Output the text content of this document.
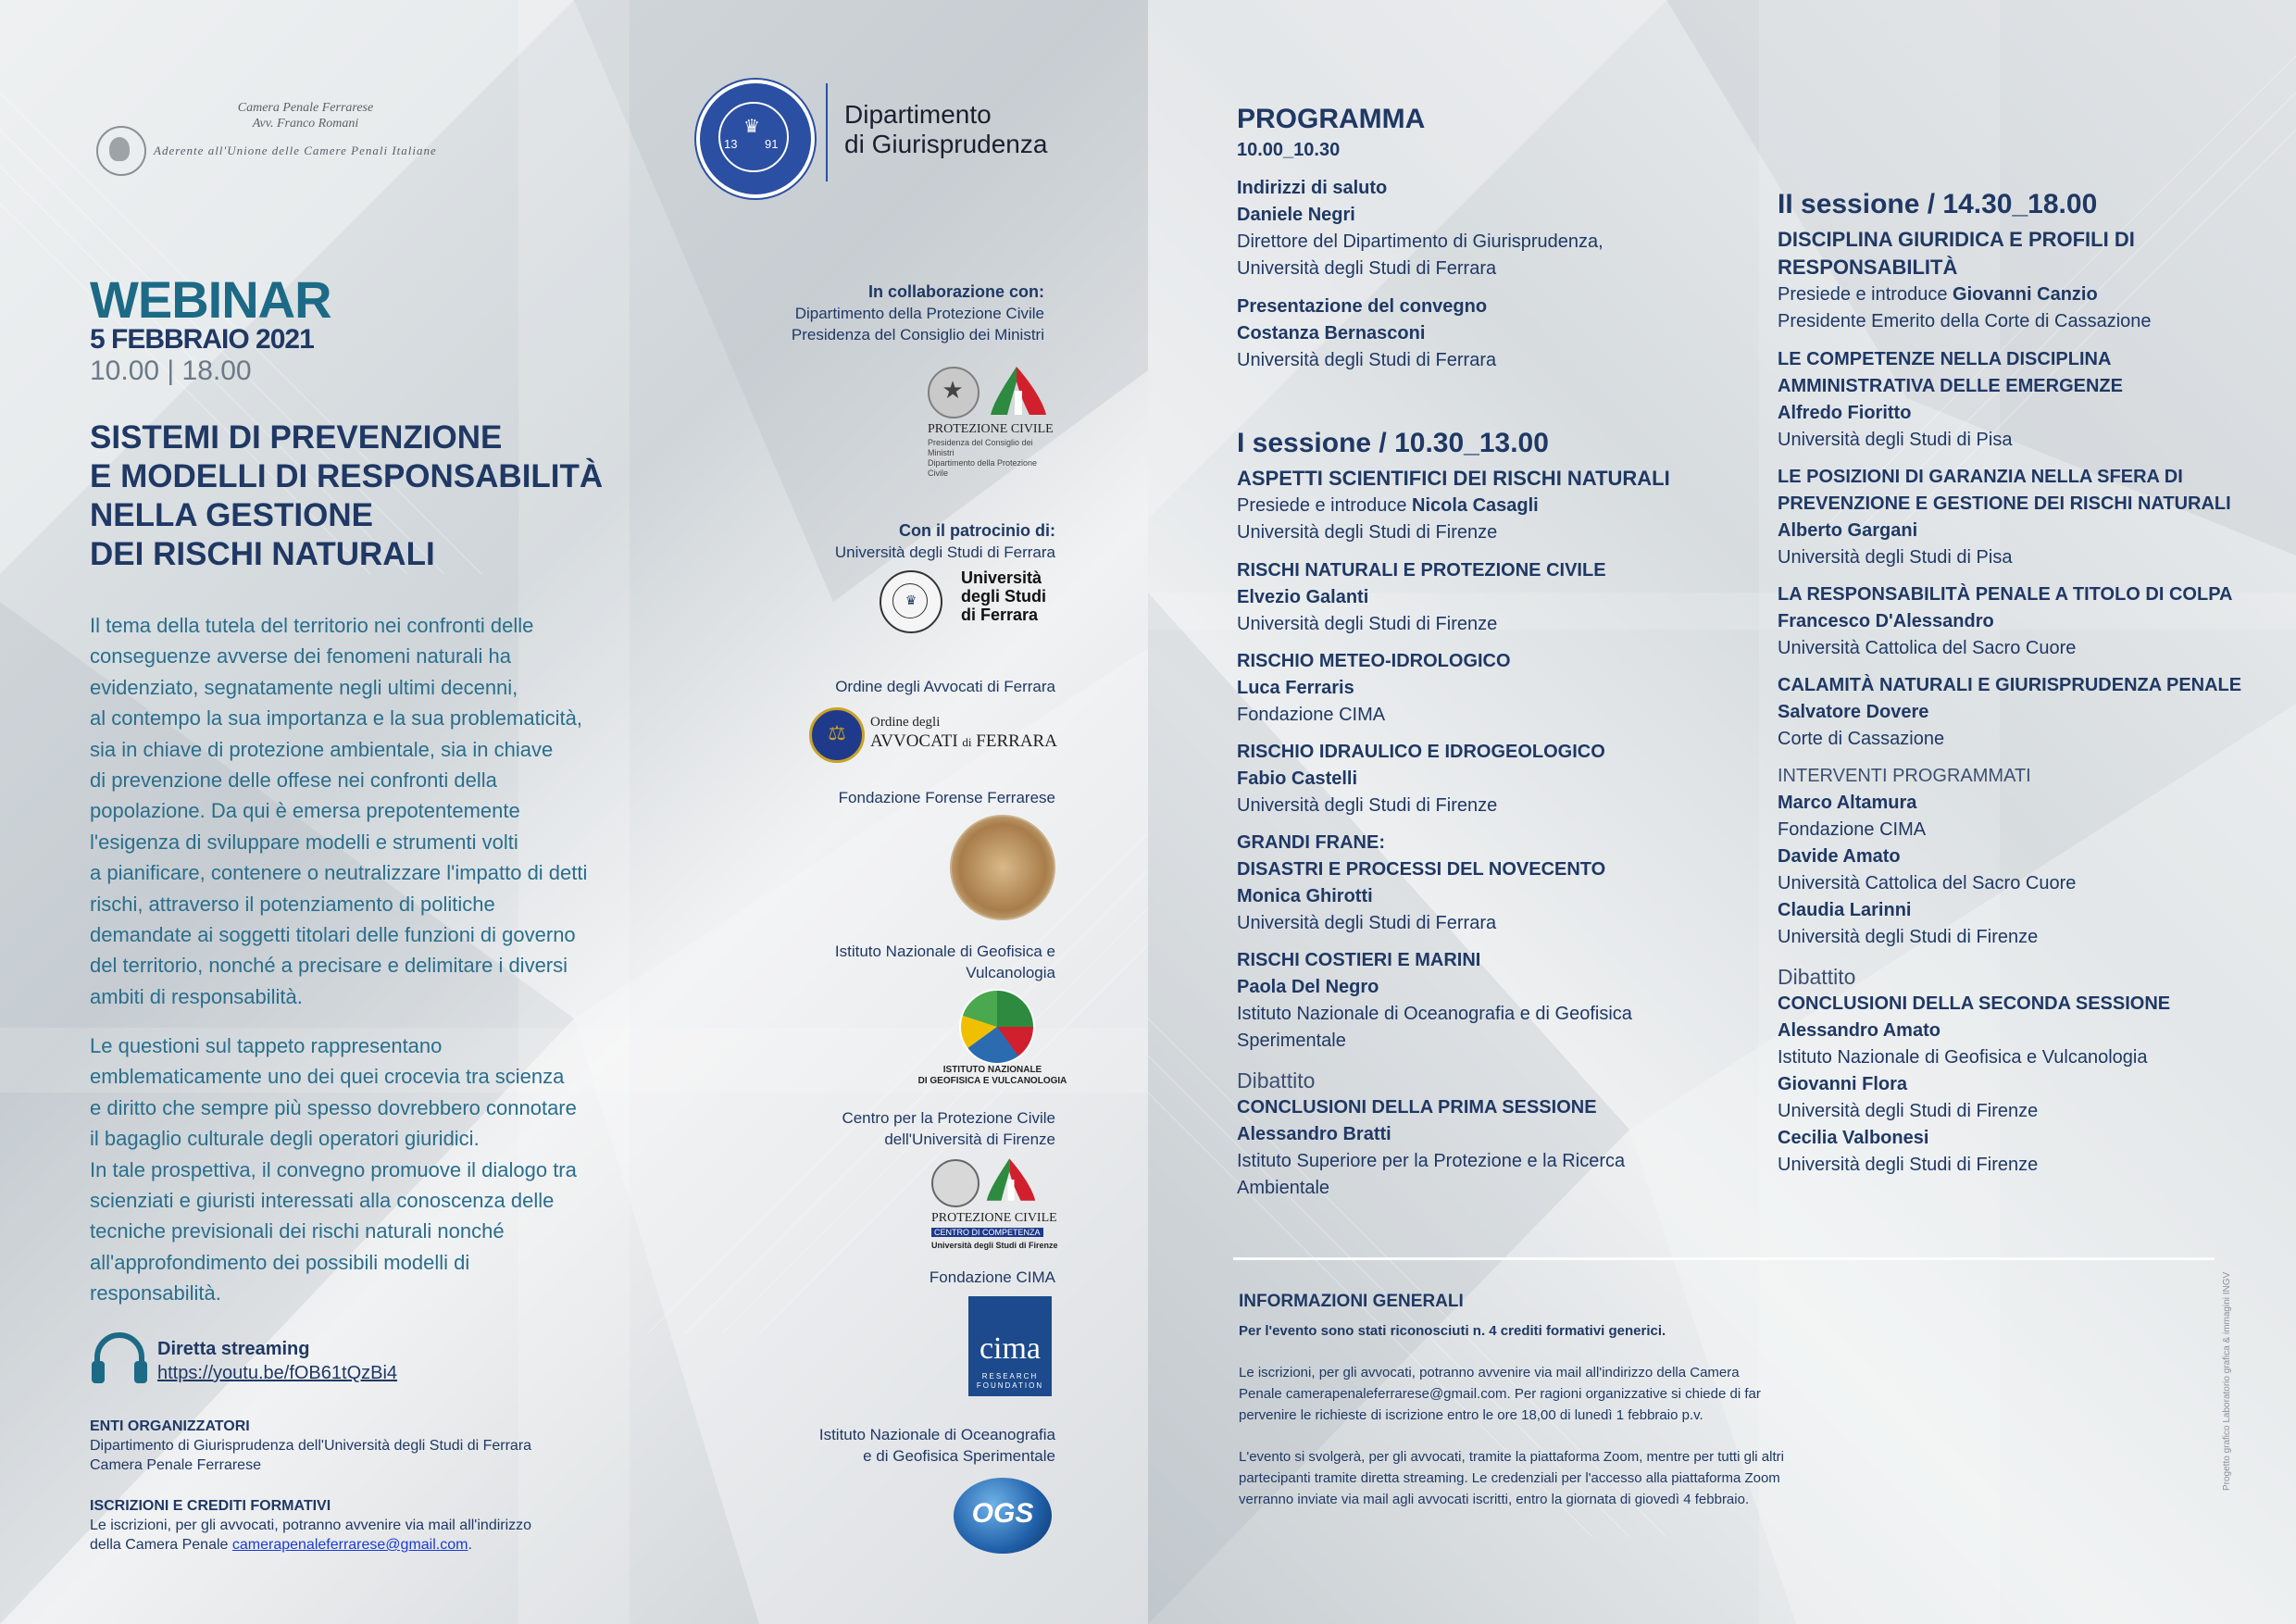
Camera Penale Ferrarese
Avv. Franco Romani
Aderente all'Unione delle Camere Penali Italiane
♛
13 91
Dipartimento
di Giurisprudenza
WEBINAR
5 FEBBRAIO 2021
10.00 | 18.00
SISTEMI DI PREVENZIONE
E MODELLI DI RESPONSABILITÀ
NELLA GESTIONE
DEI RISCHI NATURALI
Il tema della tutela del territorio nei confronti delle
conseguenze avverse dei fenomeni naturali ha
evidenziato, segnatamente negli ultimi decenni,
al contempo la sua importanza e la sua problematicità,
sia in chiave di protezione ambientale, sia in chiave
di prevenzione delle offese nei confronti della
popolazione. Da qui è emersa prepotentemente
l'esigenza di sviluppare modelli e strumenti volti
a pianificare, contenere o neutralizzare l'impatto di detti
rischi, attraverso il potenziamento di politiche
demandate ai soggetti titolari delle funzioni di governo
del territorio, nonché a precisare e delimitare i diversi
ambiti di responsabilità.
Le questioni sul tappeto rappresentano
emblematicamente uno dei quei crocevia tra scienza
e diritto che sempre più spesso dovrebbero connotare
il bagaglio culturale degli operatori giuridici.
In tale prospettiva, il convegno promuove il dialogo tra
scienziati e giuristi interessati alla conoscenza delle
tecniche previsionali dei rischi naturali nonché
all'approfondimento dei possibili modelli di
responsabilità.
Diretta streaming
https://youtu.be/fOB61tQzBi4
ENTI ORGANIZZATORI
Dipartimento di Giurisprudenza dell'Università degli Studi di Ferrara
Camera Penale Ferrarese
ISCRIZIONI E CREDITI FORMATIVI
Le iscrizioni, per gli avvocati, potranno avvenire via mail all'indirizzo
della Camera Penale camerapenaleferrarese@gmail.com.
In collaborazione con:
Dipartimento della Protezione Civile
Presidenza del Consiglio dei Ministri
★
PROTEZIONE CIVILE
Presidenza del Consiglio dei Ministri
Dipartimento della Protezione Civile
Con il patrocinio di:
Università degli Studi di Ferrara
♛
Università
degli Studi
di Ferrara
Ordine degli Avvocati di Ferrara
⚖	Ordine degli
AVVOCATI di FERRARA
Fondazione Forense Ferrarese
Istituto Nazionale di Geofisica e
Vulcanologia
ISTITUTO NAZIONALE
DI GEOFISICA E VULCANOLOGIA
Centro per la Protezione Civile
dell'Università di Firenze
PROTEZIONE CIVILE
CENTRO DI COMPETENZA
Università degli Studi di Firenze
Fondazione CIMA
cima
RESEARCH
FOUNDATION
Istituto Nazionale di Oceanografia
e di Geofisica Sperimentale
OGS
PROGRAMMA
10.00_10.30
Indirizzi di saluto
Daniele Negri
Direttore del Dipartimento di Giurisprudenza,
Università degli Studi di Ferrara
Presentazione del convegno
Costanza Bernasconi
Università degli Studi di Ferrara
I sessione / 10.30_13.00
ASPETTI SCIENTIFICI DEI RISCHI NATURALI
Presiede e introduce Nicola Casagli
Università degli Studi di Firenze
RISCHI NATURALI E PROTEZIONE CIVILE
Elvezio Galanti
Università degli Studi di Firenze
RISCHIO METEO-IDROLOGICO
Luca Ferraris
Fondazione CIMA
RISCHIO IDRAULICO E IDROGEOLOGICO
Fabio Castelli
Università degli Studi di Firenze
GRANDI FRANE:
DISASTRI E PROCESSI DEL NOVECENTO
Monica Ghirotti
Università degli Studi di Ferrara
RISCHI COSTIERI E MARINI
Paola Del Negro
Istituto Nazionale di Oceanografia e di Geofisica
Sperimentale
Dibattito
CONCLUSIONI DELLA PRIMA SESSIONE
Alessandro Bratti
Istituto Superiore per la Protezione e la Ricerca
Ambientale
II sessione / 14.30_18.00
DISCIPLINA GIURIDICA E PROFILI DI
RESPONSABILITÀ
Presiede e introduce Giovanni Canzio
Presidente Emerito della Corte di Cassazione
LE COMPETENZE NELLA DISCIPLINA
AMMINISTRATIVA DELLE EMERGENZE
Alfredo Fioritto
Università degli Studi di Pisa
LE POSIZIONI DI GARANZIA NELLA SFERA DI
PREVENZIONE E GESTIONE DEI RISCHI NATURALI
Alberto Gargani
Università degli Studi di Pisa
LA RESPONSABILITÀ PENALE A TITOLO DI COLPA
Francesco D'Alessandro
Università Cattolica del Sacro Cuore
CALAMITÀ NATURALI E GIURISPRUDENZA PENALE
Salvatore Dovere
Corte di Cassazione
INTERVENTI PROGRAMMATI
Marco Altamura
Fondazione CIMA
Davide Amato
Università Cattolica del Sacro Cuore
Claudia Larinni
Università degli Studi di Firenze
Dibattito
CONCLUSIONI DELLA SECONDA SESSIONE
Alessandro Amato
Istituto Nazionale di Geofisica e Vulcanologia
Giovanni Flora
Università degli Studi di Firenze
Cecilia Valbonesi
Università degli Studi di Firenze
INFORMAZIONI GENERALI
Per l'evento sono stati riconosciuti n. 4 crediti formativi generici.
Le iscrizioni, per gli avvocati, potranno avvenire via mail all'indirizzo della Camera
Penale camerapenaleferrarese@gmail.com. Per ragioni organizzative si chiede di far
pervenire le richieste di iscrizione entro le ore 18,00 di lunedì 1 febbraio p.v.
L'evento si svolgerà, per gli avvocati, tramite la piattaforma Zoom, mentre per tutti gli altri
partecipanti tramite diretta streaming. Le credenziali per l'accesso alla piattaforma Zoom
verranno inviate via mail agli avvocati iscritti, entro la giornata di giovedì 4 febbraio.
Progetto grafico Laboratorio grafica & immagini INGV
